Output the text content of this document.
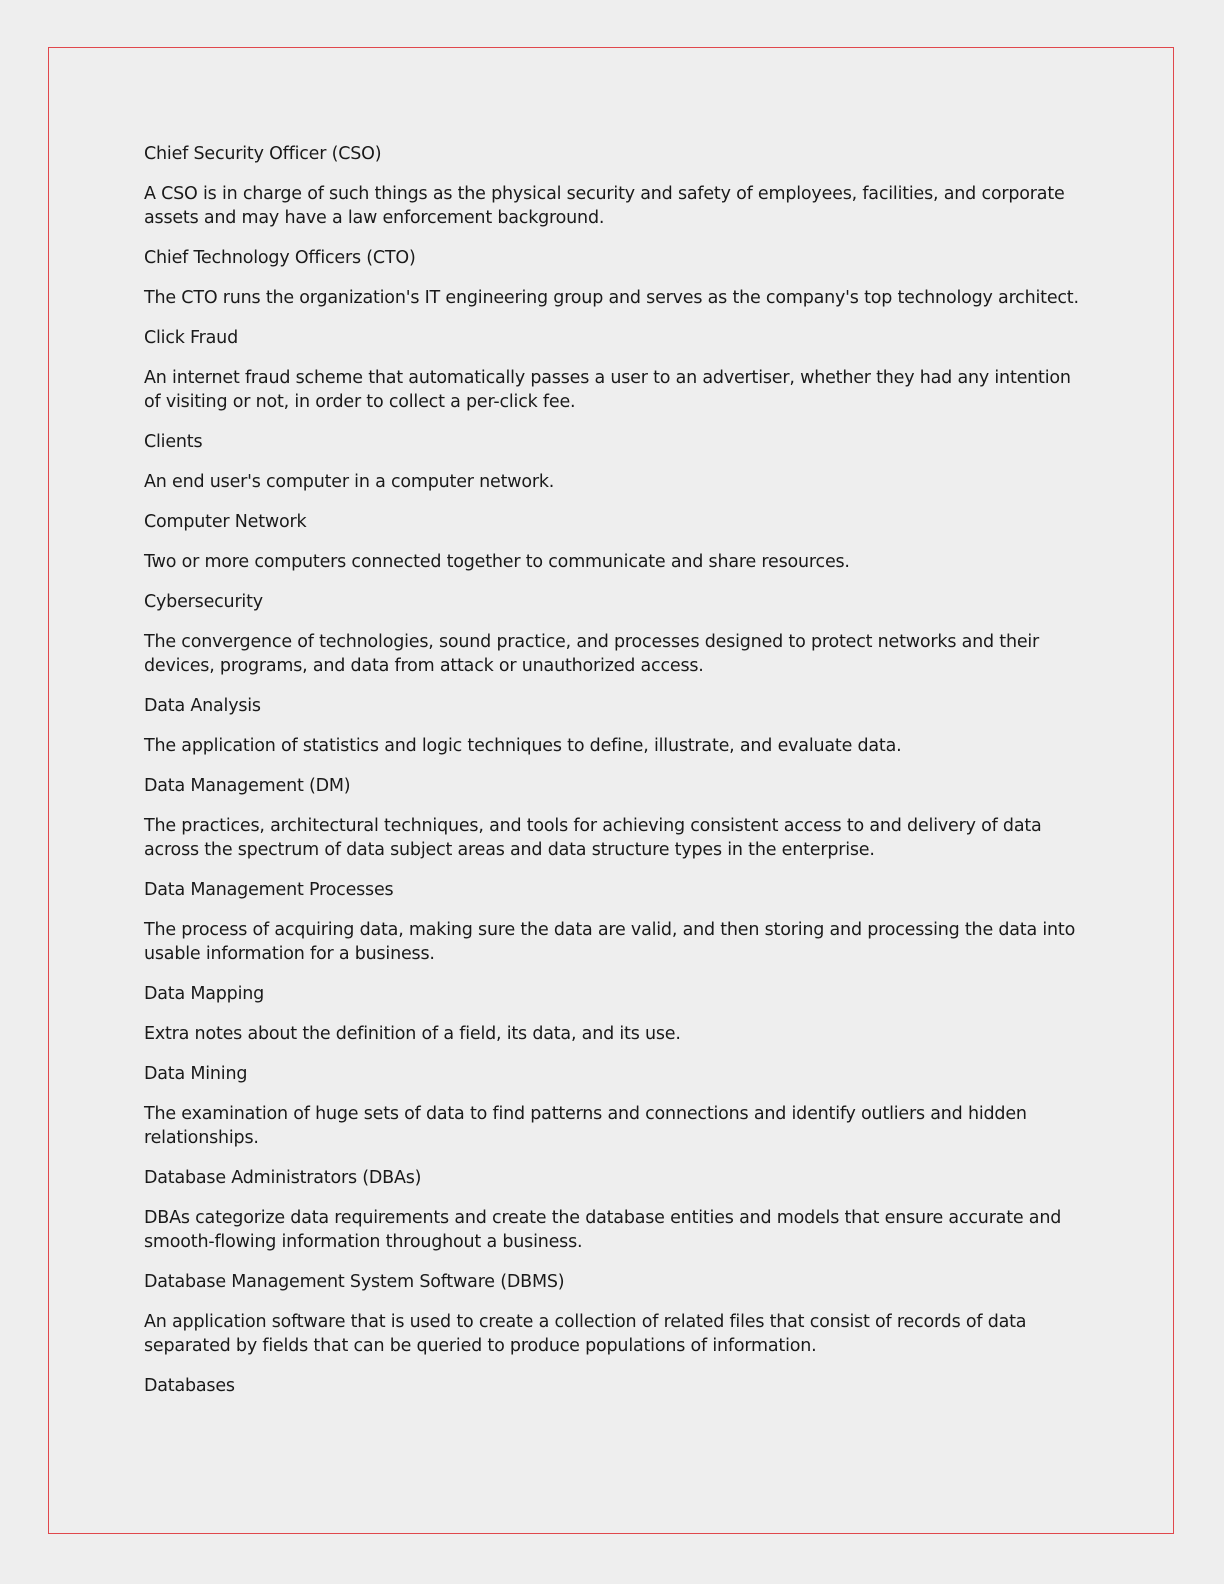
Chief Security Officer (CSO)

A CSO is in charge of such things as the physical security and safety of employees, facilities, and corporate assets and may have a law enforcement background.

Chief Technology Officers (CTO)

The CTO runs the organization's IT engineering group and serves as the company's top technology architect.

Click Fraud

An internet fraud scheme that automatically passes a user to an advertiser, whether they had any intention of visiting or not, in order to collect a per-click fee.

Clients

An end user's computer in a computer network.

Computer Network

Two or more computers connected together to communicate and share resources.

Cybersecurity

The convergence of technologies, sound practice, and processes designed to protect networks and their devices, programs, and data from attack or unauthorized access.

Data Analysis

The application of statistics and logic techniques to define, illustrate, and evaluate data.

Data Management (DM)

The practices, architectural techniques, and tools for achieving consistent access to and delivery of data across the spectrum of data subject areas and data structure types in the enterprise.

Data Management Processes

The process of acquiring data, making sure the data are valid, and then storing and processing the data into usable information for a business.

Data Mapping

Extra notes about the definition of a field, its data, and its use.

Data Mining

The examination of huge sets of data to find patterns and connections and identify outliers and hidden relationships.

Database Administrators (DBAs)

DBAs categorize data requirements and create the database entities and models that ensure accurate and smooth-flowing information throughout a business.

Database Management System Software (DBMS)

An application software that is used to create a collection of related files that consist of records of data separated by fields that can be queried to produce populations of information.

Databases
